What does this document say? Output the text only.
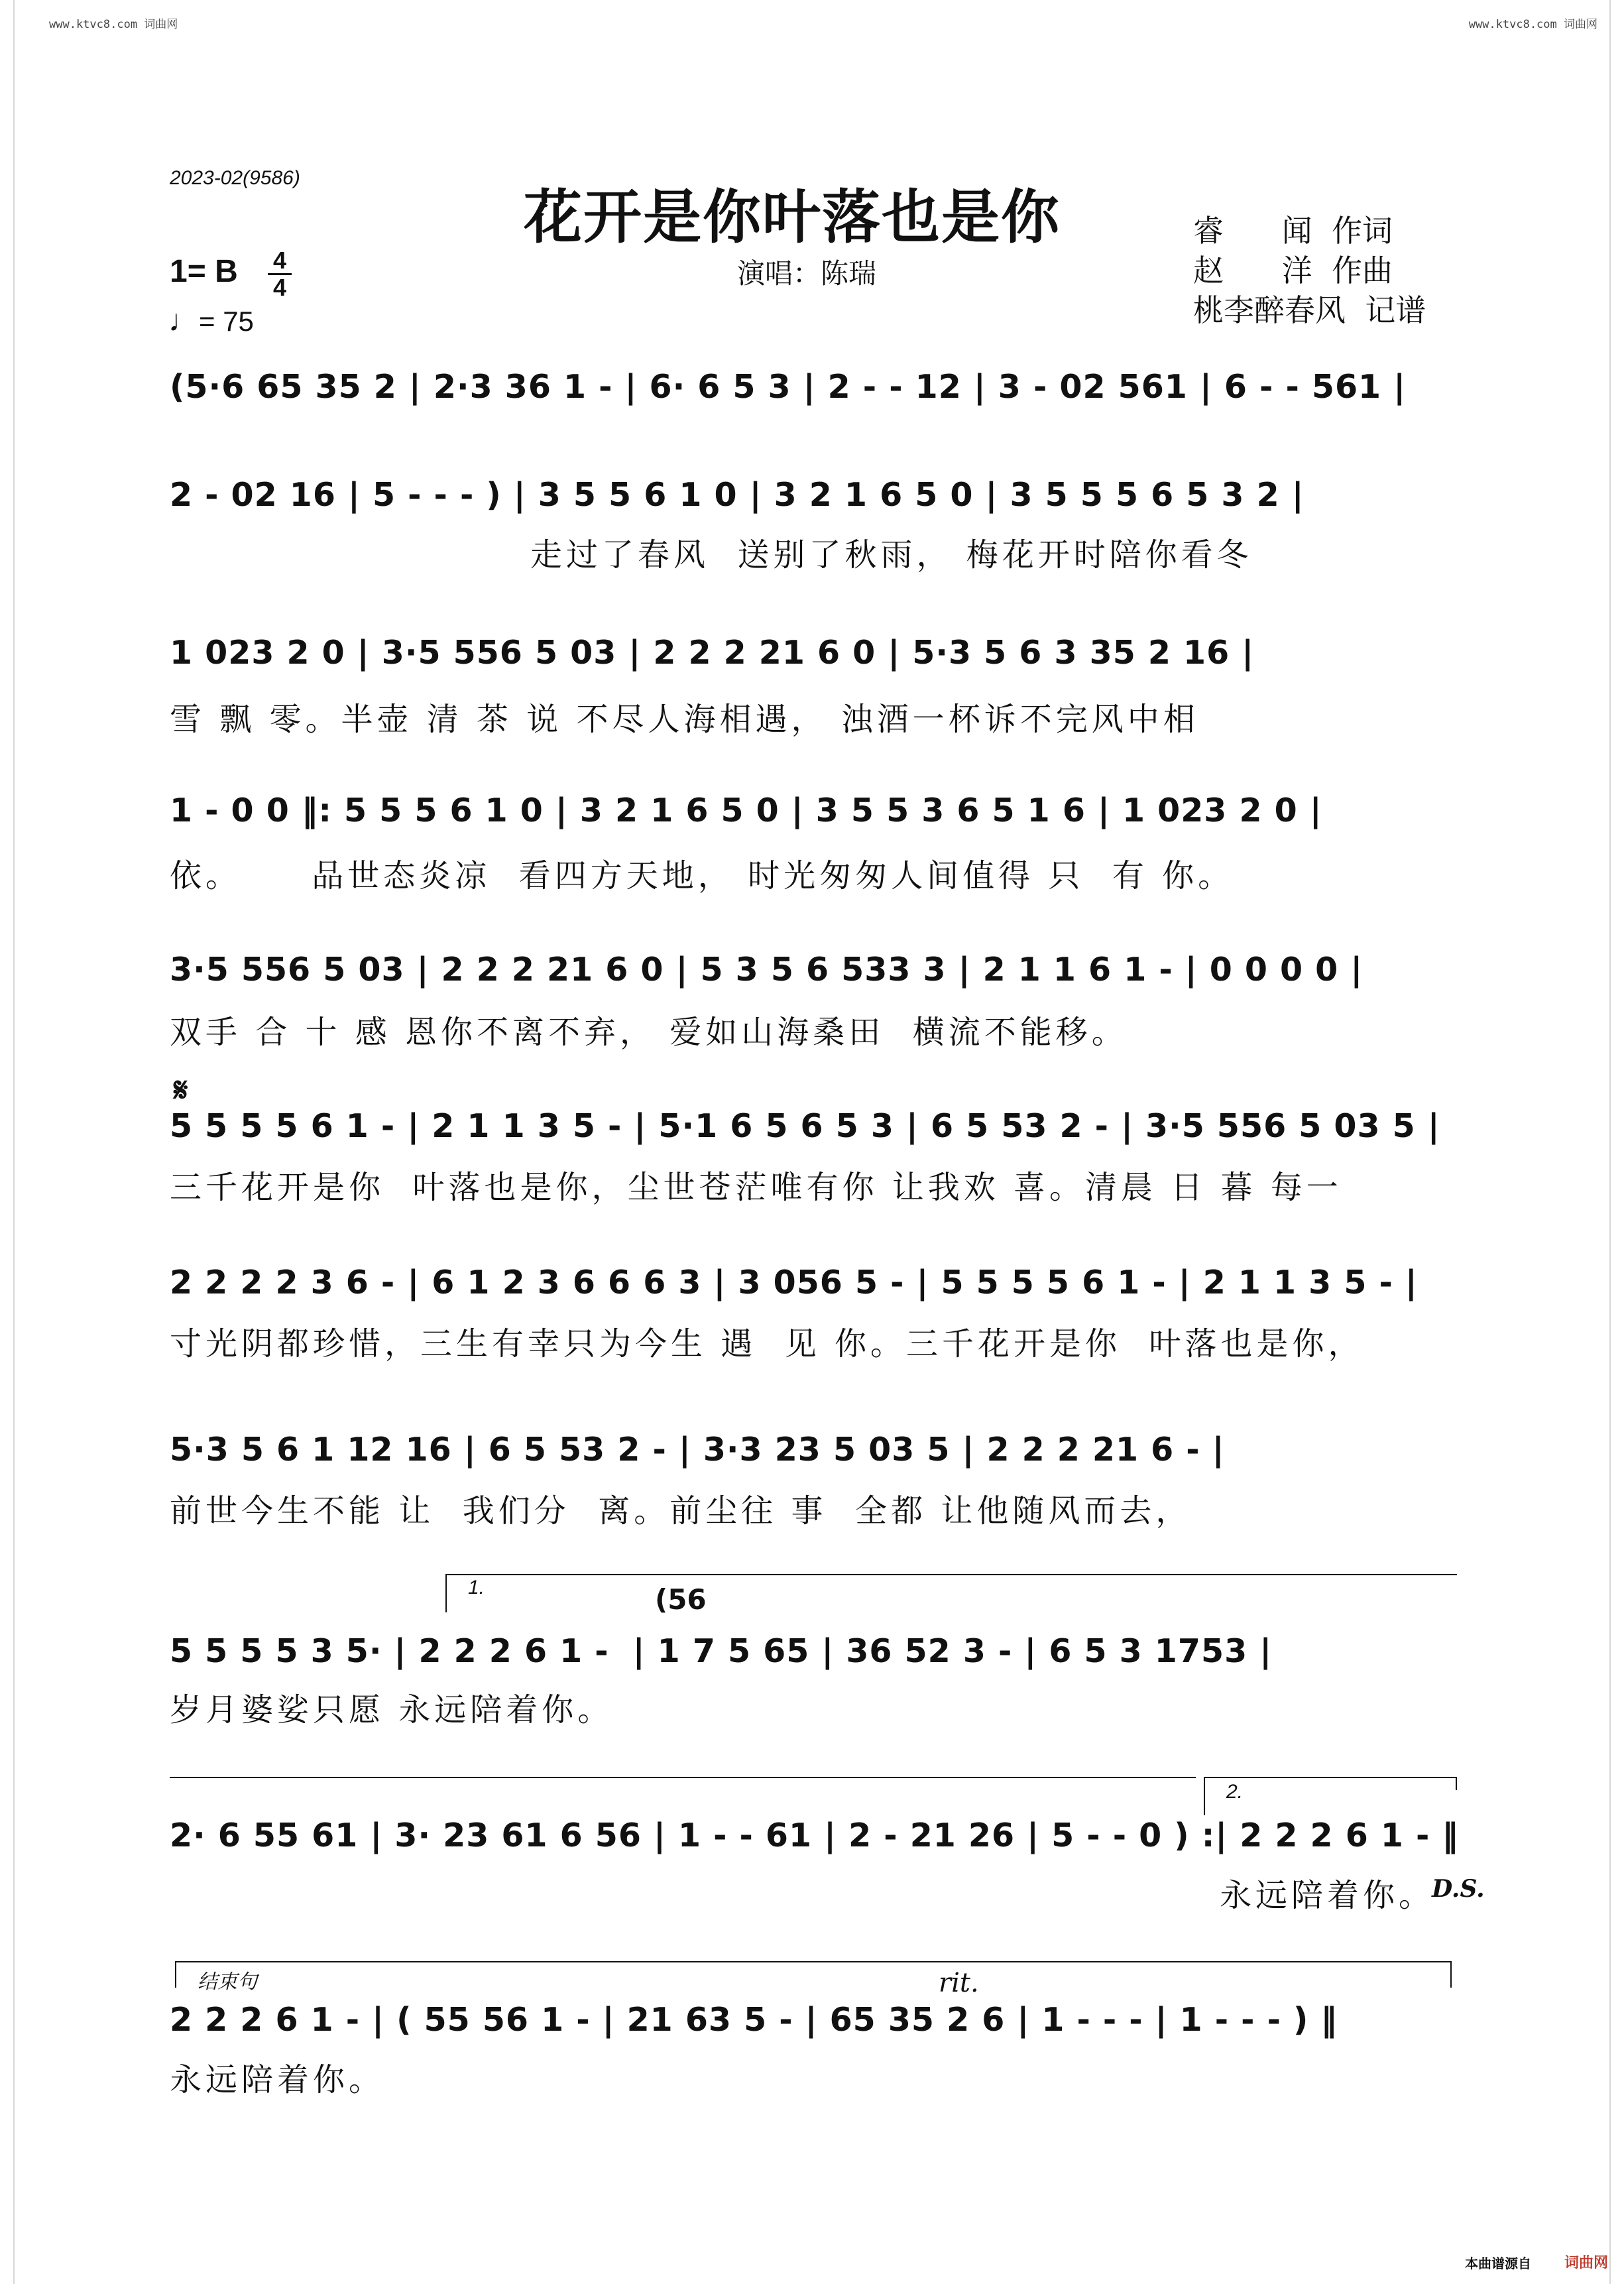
www.ktvc8.com 词曲网	www.ktvc8.com 词曲网
2023-02(9586)
花开是你叶落也是你
演唱：陈瑞
睿      闻  作词
赵      洋  作曲
桃李醉春风  记谱
1= B 4
4
♩= 75
(5·6 65 35 2 | 2·3 36 1 - | 6· 6 5 3 | 2 - - 12 | 3 - 02 561 | 6 - - 561 |
2 - 02 16 | 5 - - - ) | 3 5 5 6 1 0 | 3 2 1 6 5 0 | 3 5 5 5 6 5 3 2 |
走过了春风  送别了秋雨， 梅花开时陪你看冬
1 023 2 0 | 3·5 556 5 03 | 2 2 2 21 6 0 | 5·3 5 6 3 35 2 16 |
雪 飘 零。半壶 清 茶 说 不尽人海相遇， 浊酒一杯诉不完风中相
1 - 0 0 ‖: 5 5 5 6 1 0 | 3 2 1 6 5 0 | 3 5 5 3 6 5 1 6 | 1 023 2 0 |
依。     品世态炎凉  看四方天地， 时光匆匆人间值得 只  有 你。
3·5 556 5 03 | 2 2 2 21 6 0 | 5 3 5 6 533 3 | 2 1 1 6 1 - | 0 0 0 0 |
双手 合 十 感 恩你不离不弃， 爱如山海桑田  横流不能移。
𝄋
5 5 5 5 6 1 - | 2 1 1 3 5 - | 5·1 6 5 6 5 3 | 6 5 53 2 - | 3·5 556 5 03 5 |
三千花开是你  叶落也是你，尘世苍茫唯有你 让我欢 喜。清晨 日 暮 每一
2 2 2 2 3 6 - | 6 1 2 3 6 6 6 3 | 3 056 5 - | 5 5 5 5 6 1 - | 2 1 1 3 5 - |
寸光阴都珍惜，三生有幸只为今生 遇  见 你。三千花开是你  叶落也是你，
5·3 5 6 1 12 16 | 6 5 53 2 - | 3·3 23 5 03 5 | 2 2 2 21 6 - |
前世今生不能 让  我们分  离。前尘往 事  全都 让他随风而去，
1.	(56
5 5 5 5 3 5· | 2 2 2 6 1 -  | 1 7 5 65 | 36 52 3 - | 6 5 3 1753 |
岁月婆娑只愿 永远陪着你。
2.
2· 6 55 61 | 3· 23 61 6 56 | 1 - - 61 | 2 - 21 26 | 5 - - 0 ) :| 2 2 2 6 1 - ‖
永远陪着你。
D.S.
结束句	rit.
2 2 2 6 1 - | ( 55 56 1 - | 21 63 5 - | 65 35 2 6 | 1 - - - | 1 - - - ) ‖
永远陪着你。
本曲谱源自 词曲网
